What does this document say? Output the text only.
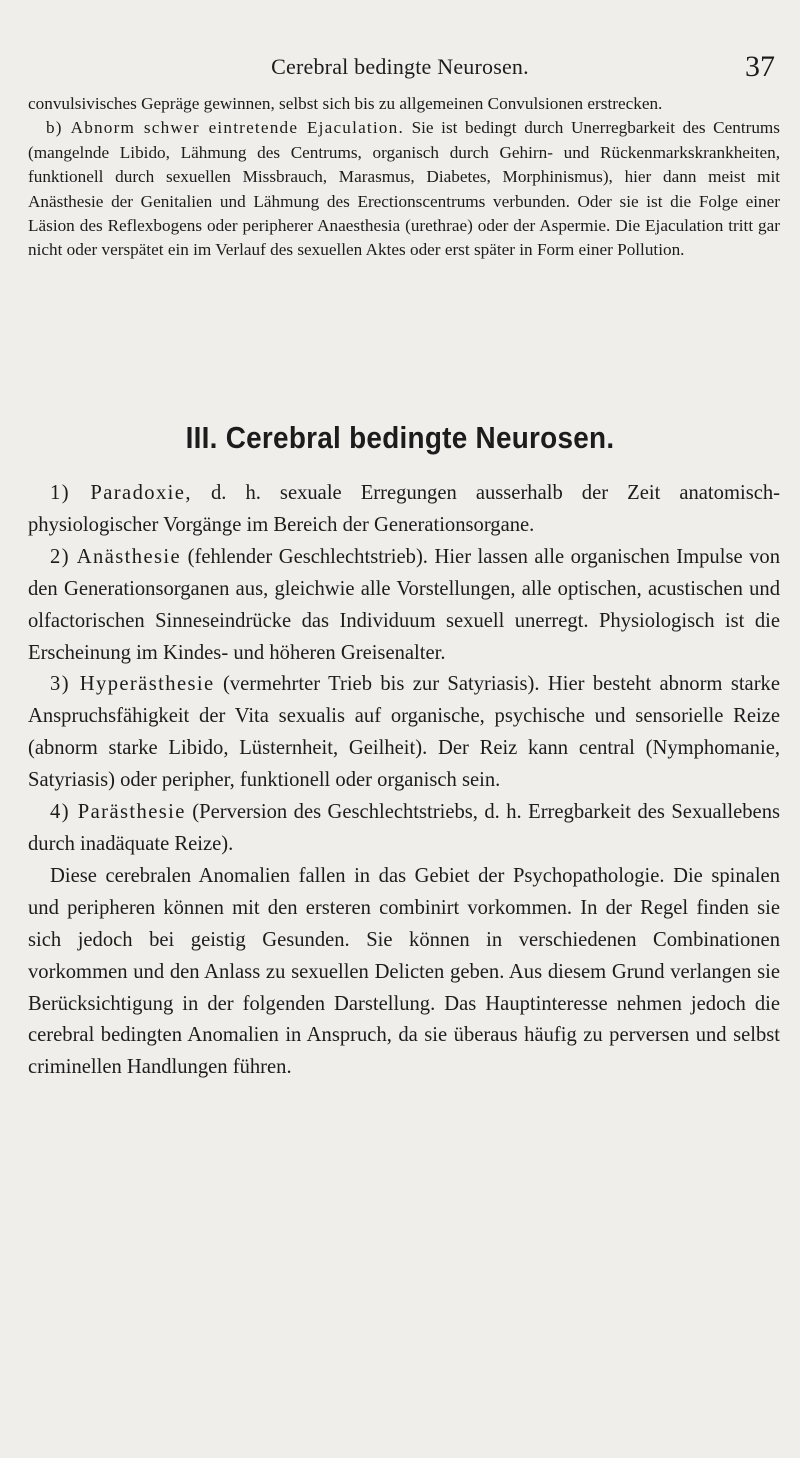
Cerebral bedingte Neurosen.	37

convulsivisches Gepräge gewinnen, selbst sich bis zu allgemeinen Convulsionen erstrecken.

b) Abnorm schwer eintretende Ejaculation. Sie ist bedingt durch Unerregbarkeit des Centrums (mangelnde Libido, Lähmung des Centrums, organisch durch Gehirn- und Rückenmarkskrankheiten, funktionell durch sexuellen Missbrauch, Marasmus, Diabetes, Morphinismus), hier dann meist mit Anästhesie der Genitalien und Lähmung des Erectionscentrums verbunden. Oder sie ist die Folge einer Läsion des Reflexbogens oder peripherer Anaesthesia (urethrae) oder der Aspermie. Die Ejaculation tritt gar nicht oder verspätet ein im Verlauf des sexuellen Aktes oder erst später in Form einer Pollution.

III. Cerebral bedingte Neurosen.

1) Paradoxie, d. h. sexuale Erregungen ausserhalb der Zeit anatomisch-physiologischer Vorgänge im Bereich der Generationsorgane.

2) Anästhesie (fehlender Geschlechtstrieb). Hier lassen alle organischen Impulse von den Generationsorganen aus, gleichwie alle Vorstellungen, alle optischen, acustischen und olfactorischen Sinneseindrücke das Individuum sexuell unerregt. Physiologisch ist die Erscheinung im Kindes- und höheren Greisenalter.

3) Hyperästhesie (vermehrter Trieb bis zur Satyriasis). Hier besteht abnorm starke Anspruchsfähigkeit der Vita sexualis auf organische, psychische und sensorielle Reize (abnorm starke Libido, Lüsternheit, Geilheit). Der Reiz kann central (Nymphomanie, Satyriasis) oder peripher, funktionell oder organisch sein.

4) Parästhesie (Perversion des Geschlechtstriebs, d. h. Erregbarkeit des Sexuallebens durch inadäquate Reize).

Diese cerebralen Anomalien fallen in das Gebiet der Psychopathologie. Die spinalen und peripheren können mit den ersteren combinirt vorkommen. In der Regel finden sie sich jedoch bei geistig Gesunden. Sie können in verschiedenen Combinationen vorkommen und den Anlass zu sexuellen Delicten geben. Aus diesem Grund verlangen sie Berücksichtigung in der folgenden Darstellung. Das Hauptinteresse nehmen jedoch die cerebral bedingten Anomalien in Anspruch, da sie überaus häufig zu perversen und selbst criminellen Handlungen führen.
